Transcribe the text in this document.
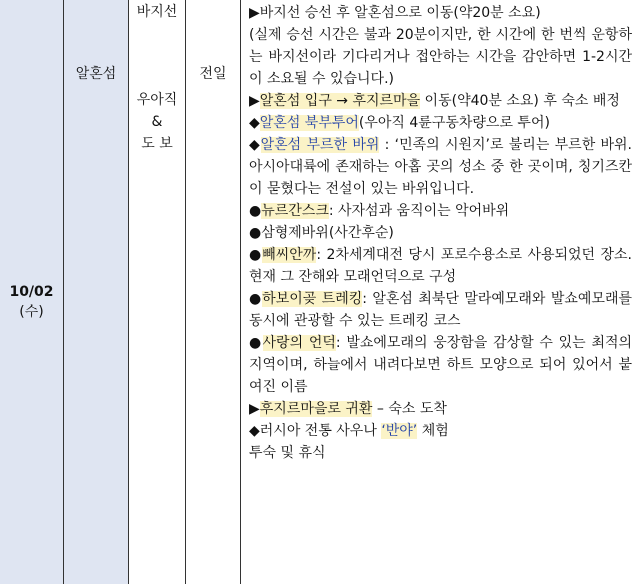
10/02
(수)
알혼섬
바지선
우아직
&
도 보
전일

▶바지선 승선 후 알혼섬으로 이동(약20분 소요)
(실제 승선 시간은 불과 20분이지만, 한 시간에 한 번씩 운항하는 바지선이라 기다리거나 접안하는 시간을 감안하면 1-2시간이 소요될 수 있습니다.)

▶알혼섬 입구 → 후지르마을 이동(약40분 소요) 후 숙소 배정

◆알혼섬 북부투어(우아직 4륜구동차량으로 투어)

◆알혼섬 부르한 바위 : ‘민족의 시원지’로 불리는 부르한 바위. 아시아대륙에 존재하는 아홉 곳의 성소 중 한 곳이며, 칭기즈칸이 묻혔다는 전설이 있는 바위입니다.

●뉴르간스크: 사자섬과 움직이는 악어바위

●삼형제바위(사간후순)

●빼씨안까: 2차세계대전 당시 포로수용소로 사용되었던 장소. 현재 그 잔해와 모래언덕으로 구성

●하보이곶 트레킹: 알혼섬 최북단 말라예모래와 발쇼예모래를 동시에 관광할 수 있는 트레킹 코스

●사랑의 언덕: 발쇼에모래의 웅장함을 감상할 수 있는 최적의 지역이며, 하늘에서 내려다보면 하트 모양으로 되어 있어서 붙여진 이름

▶후지르마을로 귀환 – 숙소 도착

◆러시아 전통 사우나 ‘반야’ 체험

투숙 및 휴식
